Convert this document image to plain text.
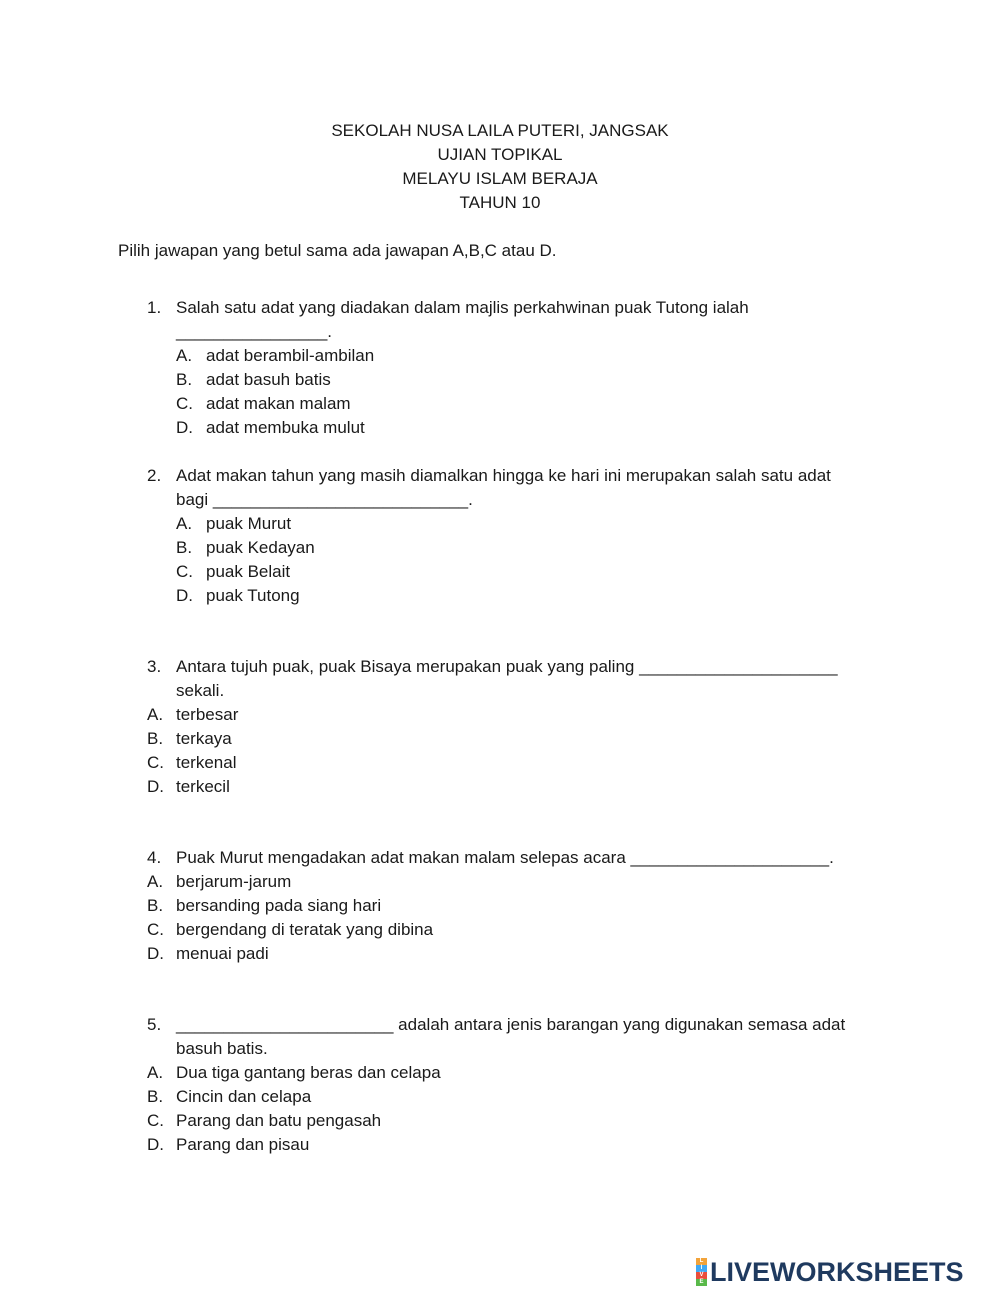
SEKOLAH NUSA LAILA PUTERI, JANGSAK
UJIAN TOPIKAL
MELAYU ISLAM BERAJA
TAHUN 10
Pilih jawapan yang betul sama ada jawapan A,B,C atau D.
1. Salah satu adat yang diadakan dalam majlis perkahwinan puak Tutong ialah
________________.
A. adat berambil-ambilan
B. adat basuh batis
C. adat makan malam
D. adat membuka mulut
2. Adat makan tahun yang masih diamalkan hingga ke hari ini merupakan salah satu adat
bagi ___________________________.
A. puak Murut
B. puak Kedayan
C. puak Belait
D. puak Tutong
3. Antara tujuh puak, puak Bisaya merupakan puak yang paling _____________________
sekali.
A. terbesar
B. terkaya
C. terkenal
D. terkecil
4. Puak Murut mengadakan adat makan malam selepas acara _____________________.
A. berjarum-jarum
B. bersanding pada siang hari
C. bergendang di teratak yang dibina
D. menuai padi
5. _______________________ adalah antara jenis barangan yang digunakan semasa adat
basuh batis.
A. Dua tiga gantang beras dan celapa
B. Cincin dan celapa
C. Parang dan batu pengasah
D. Parang dan pisau
L
I
V
E LIVEWORKSHEETS
